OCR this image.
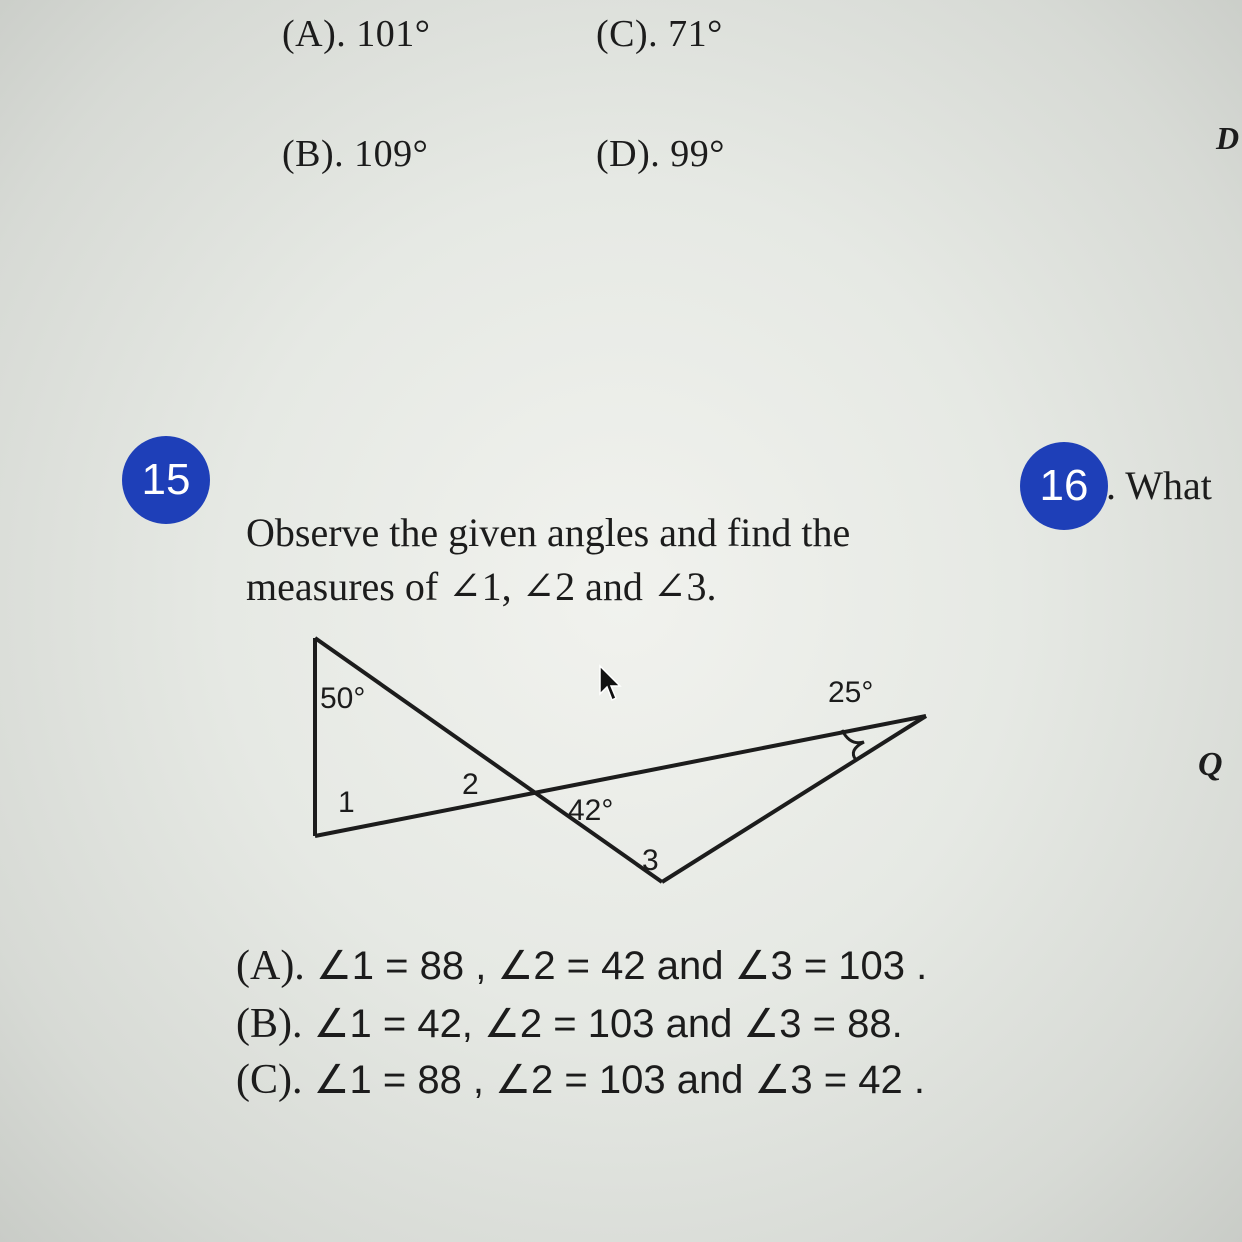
(A). 101°	(C). 71°
(B). 109°	(D). 99°	D
15
Observe the given angles and find the
measures of ∠1, ∠2 and ∠3.
50°	25°
1
2
42°
3
(A). ∠1 = 88 , ∠2 = 42 and ∠3 = 103 .
(B). ∠1 = 42, ∠2 = 103 and ∠3 = 88.
(C). ∠1 = 88 , ∠2 = 103 and ∠3 = 42 .
16 . What
Q
